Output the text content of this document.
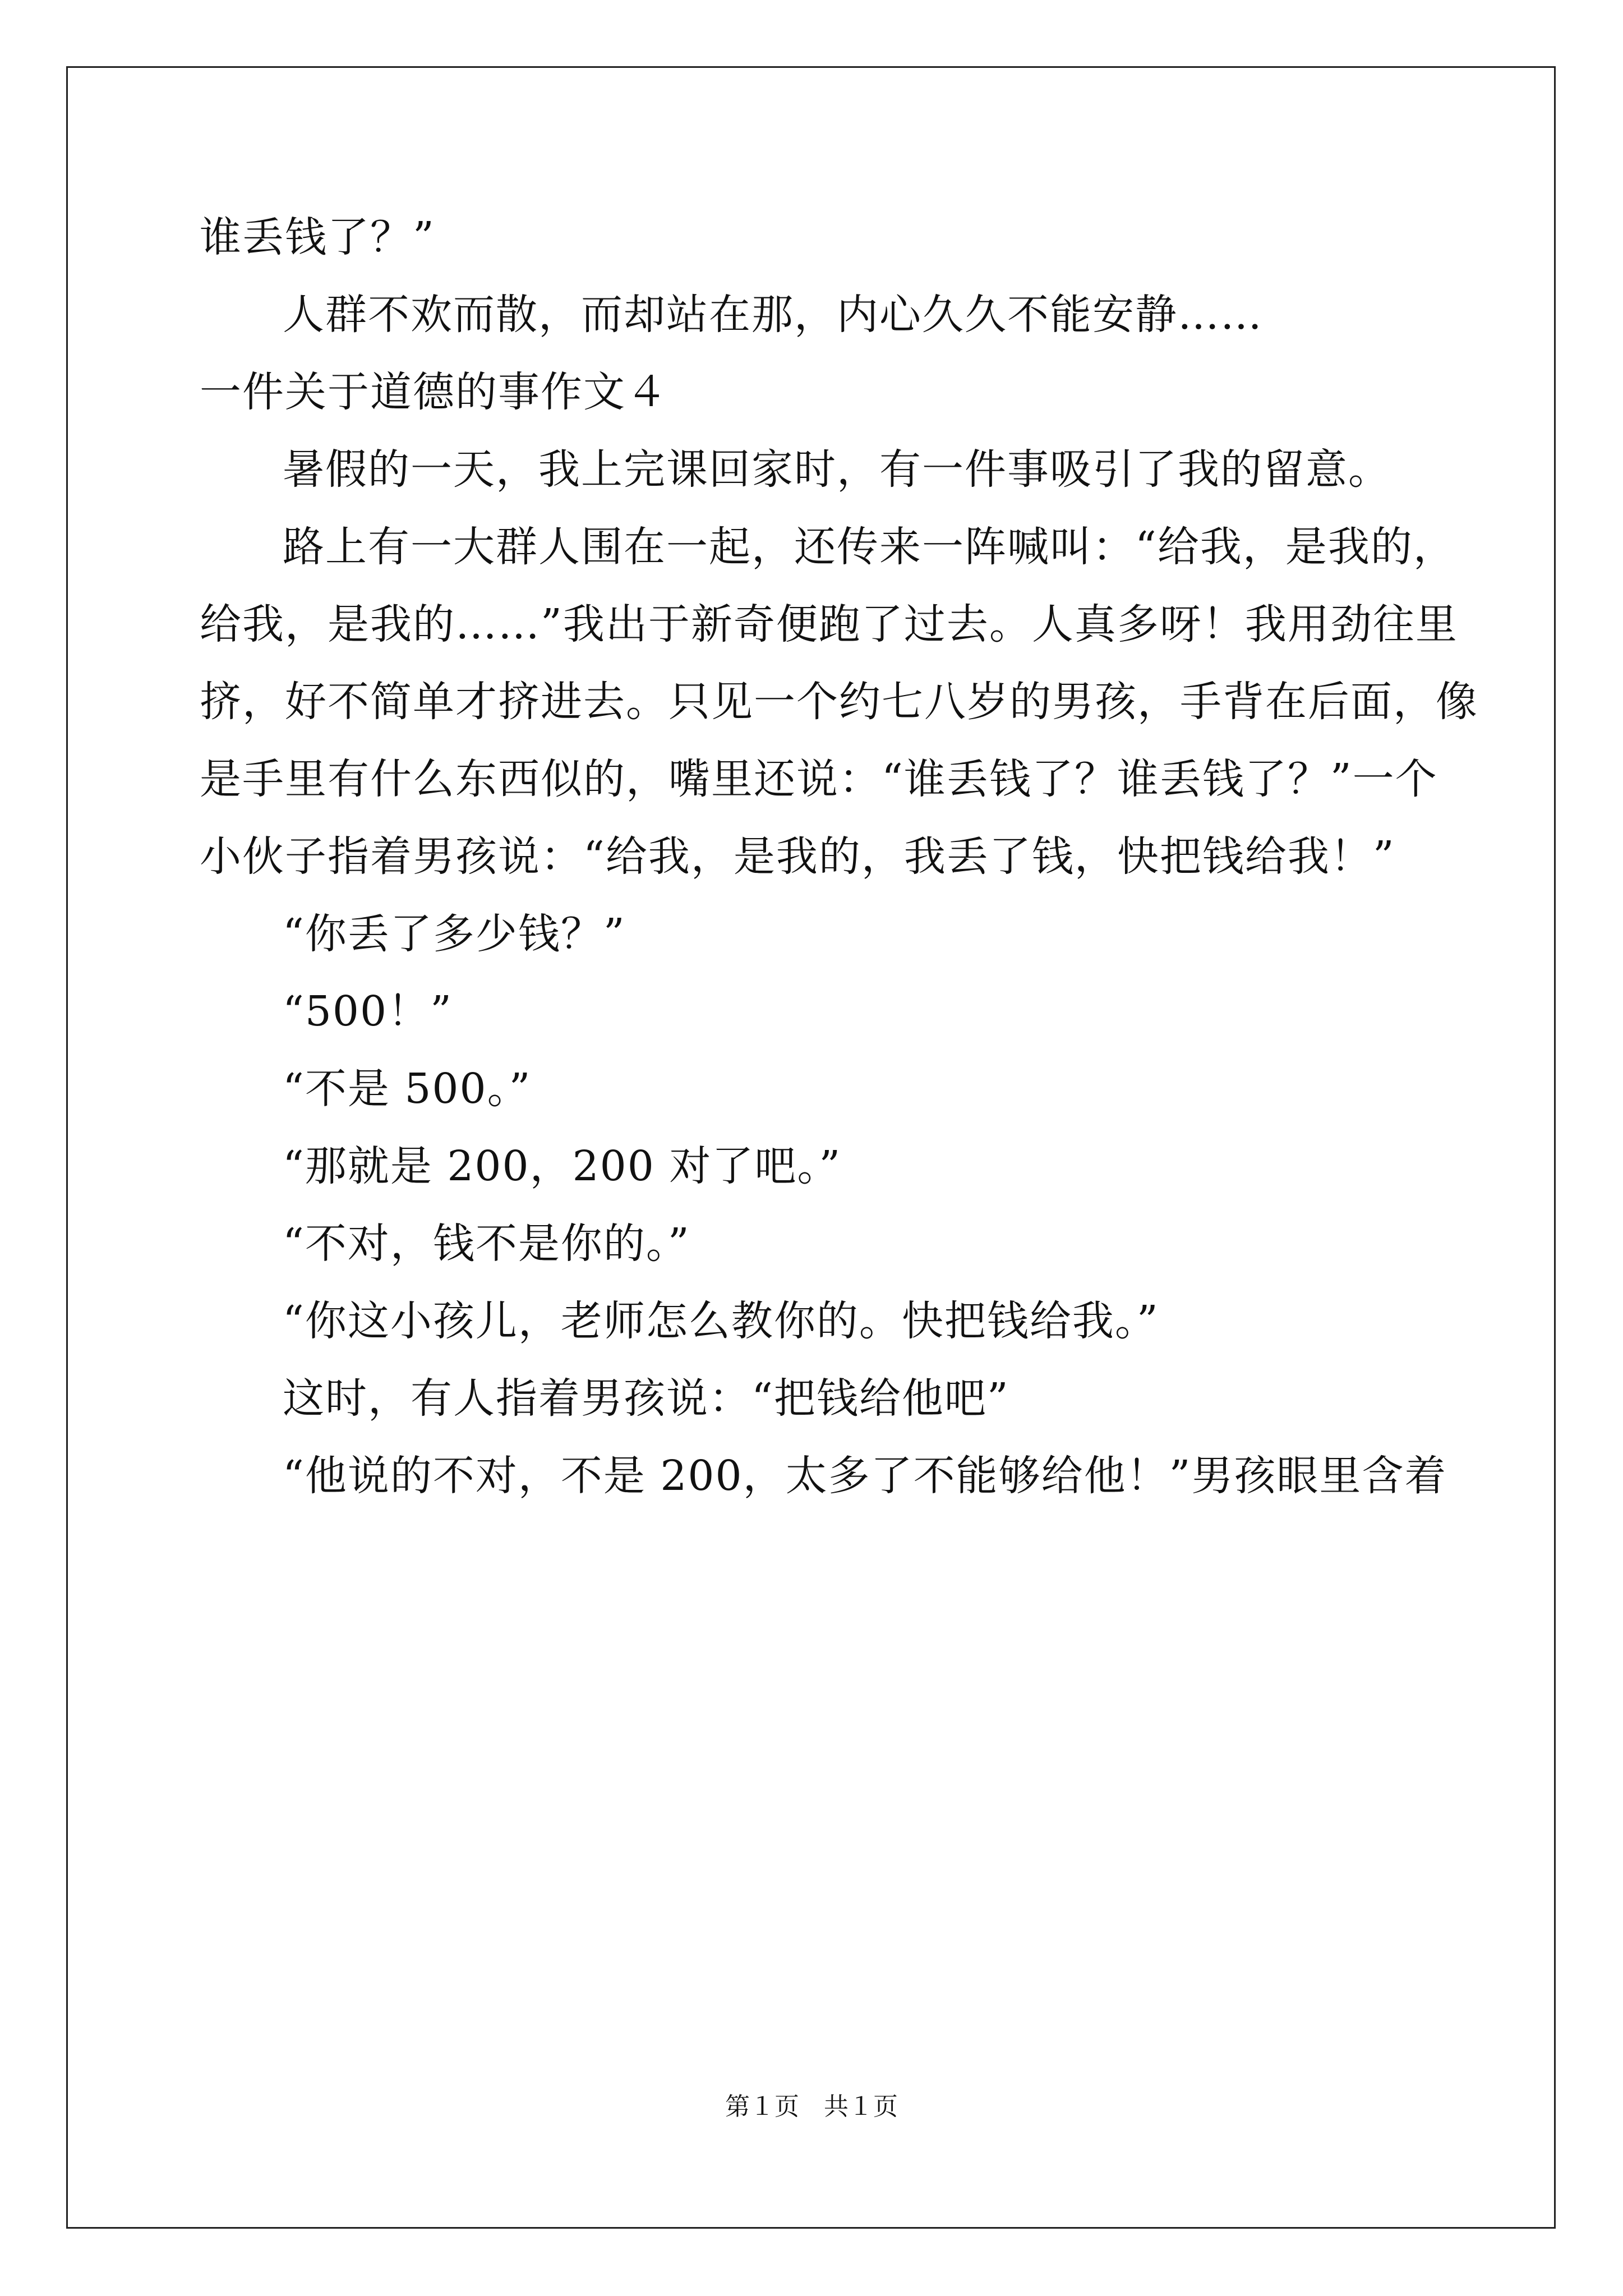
谁丢钱了？”
人群不欢而散，而却站在那，内心久久不能安静……
一件关于道德的事作文４
暑假的一天，我上完课回家时，有一件事吸引了我的留意。
路上有一大群人围在一起，还传来一阵喊叫：“给我，是我的，
给我，是我的……”我出于新奇便跑了过去。人真多呀！我用劲往里
挤，好不简单才挤进去。只见一个约七八岁的男孩，手背在后面，像
是手里有什么东西似的，嘴里还说：“谁丢钱了？谁丢钱了？”一个
小伙子指着男孩说：“给我，是我的，我丢了钱，快把钱给我！”
“你丢了多少钱？”
“500！”
“不是 500。”
“那就是 200，200 对了吧。”
“不对，钱不是你的。”
“你这小孩儿，老师怎么教你的。快把钱给我。”
这时，有人指着男孩说：“把钱给他吧”
“他说的不对，不是 200，太多了不能够给他！”男孩眼里含着
第１页 共１页
